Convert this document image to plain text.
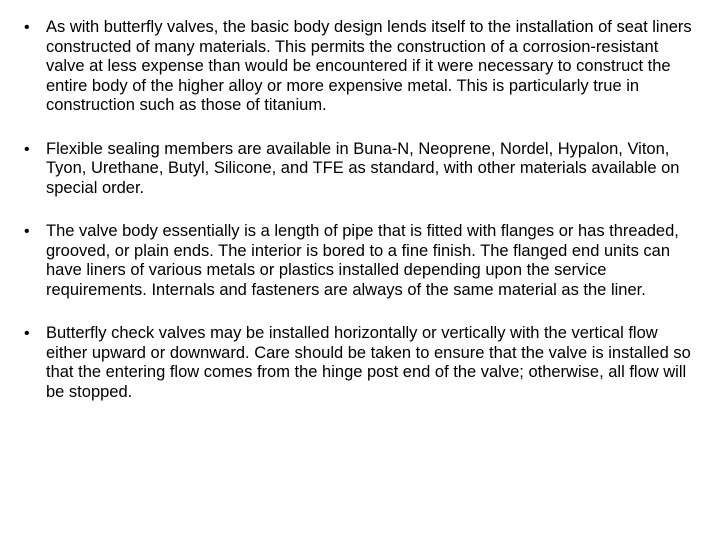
• As with butterfly valves, the basic body design lends itself to the installation of seat liners constructed of many materials. This permits the construction of a corrosion-resistant valve at less expense than would be encountered if it were necessary to construct the entire body of the higher alloy or more expensive metal. This is particularly true in construction such as those of titanium.
• Flexible sealing members are available in Buna-N, Neoprene, Nordel, Hypalon, Viton, Tyon, Urethane, Butyl, Silicone, and TFE as standard, with other materials available on special order.
• The valve body essentially is a length of pipe that is fitted with flanges or has threaded, grooved, or plain ends. The interior is bored to a fine finish. The flanged end units can have liners of various metals or plastics installed depending upon the service requirements. Internals and fasteners are always of the same material as the liner.
• Butterfly check valves may be installed horizontally or vertically with the vertical flow either upward or downward. Care should be taken to ensure that the valve is installed so that the entering flow comes from the hinge post end of the valve; otherwise, all flow will be stopped.
